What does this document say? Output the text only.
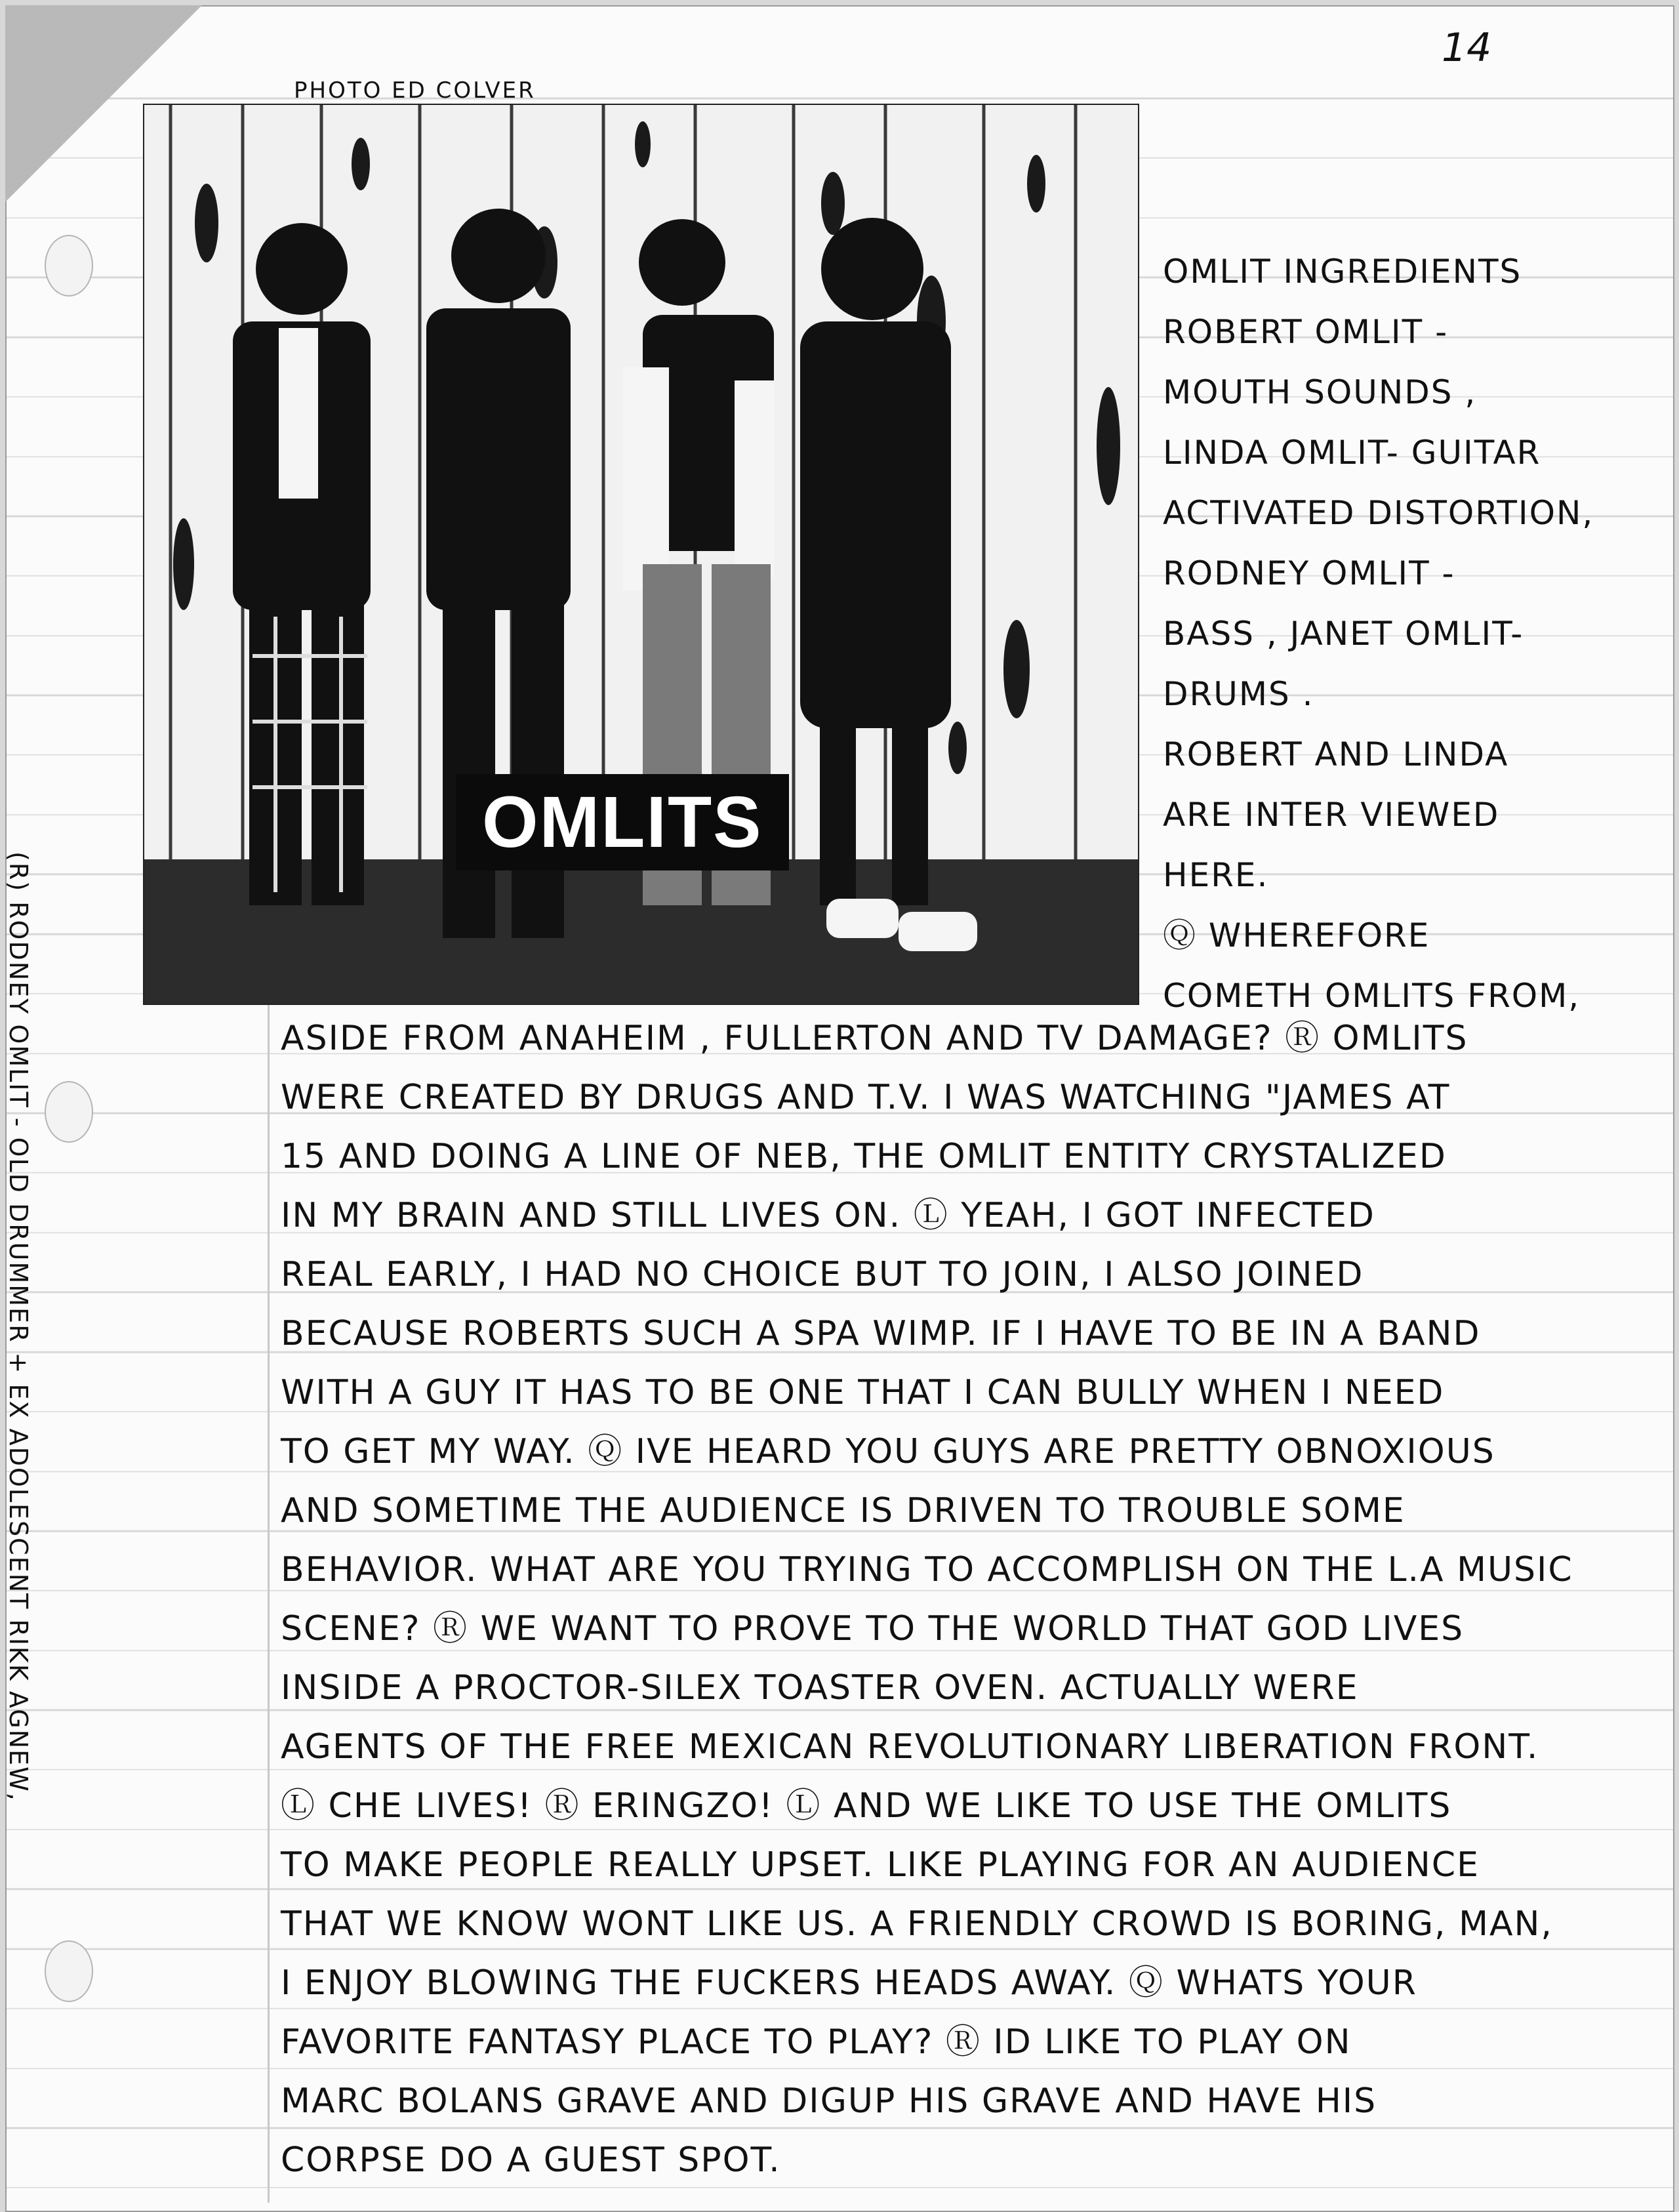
14
PHOTO ED COLVER
(R) RODNEY OMLIT - OLD DRUMMER + EX ADOLESCENT RIKK AGNEW,
OMLITS
OMLIT INGREDIENTS
ROBERT OMLIT -
MOUTH SOUNDS ,
LINDA OMLIT- GUITAR
ACTIVATED DISTORTION,
RODNEY OMLIT -
BASS , JANET OMLIT-
DRUMS .
ROBERT AND LINDA
ARE INTER VIEWED
HERE.
Ⓠ WHEREFORE
COMETH OMLITS FROM,
ASIDE FROM ANAHEIM , FULLERTON AND TV DAMAGE? Ⓡ OMLITS
WERE CREATED BY DRUGS AND T.V. I WAS WATCHING "JAMES AT
15 AND DOING A LINE OF NEB, THE OMLIT ENTITY CRYSTALIZED
IN MY BRAIN AND STILL LIVES ON. Ⓛ YEAH, I GOT INFECTED
REAL EARLY, I HAD NO CHOICE BUT TO JOIN, I ALSO JOINED
BECAUSE ROBERTS SUCH A SPA WIMP. IF I HAVE TO BE IN A BAND
WITH A GUY IT HAS TO BE ONE THAT I CAN BULLY WHEN I NEED
TO GET MY WAY. Ⓠ IVE HEARD YOU GUYS ARE PRETTY OBNOXIOUS
AND SOMETIME THE AUDIENCE IS DRIVEN TO TROUBLE SOME
BEHAVIOR. WHAT ARE YOU TRYING TO ACCOMPLISH ON THE L.A MUSIC
SCENE? Ⓡ WE WANT TO PROVE TO THE WORLD THAT GOD LIVES
INSIDE A PROCTOR-SILEX TOASTER OVEN. ACTUALLY WERE
AGENTS OF THE FREE MEXICAN REVOLUTIONARY LIBERATION FRONT.
Ⓛ CHE LIVES! Ⓡ ERINGZO! Ⓛ AND WE LIKE TO USE THE OMLITS
TO MAKE PEOPLE REALLY UPSET. LIKE PLAYING FOR AN AUDIENCE
THAT WE KNOW WONT LIKE US. A FRIENDLY CROWD IS BORING, MAN,
I ENJOY BLOWING THE FUCKERS HEADS AWAY. Ⓠ WHATS YOUR
FAVORITE FANTASY PLACE TO PLAY? Ⓡ ID LIKE TO PLAY ON
MARC BOLANS GRAVE AND DIGUP HIS GRAVE AND HAVE HIS
CORPSE DO A GUEST SPOT.
